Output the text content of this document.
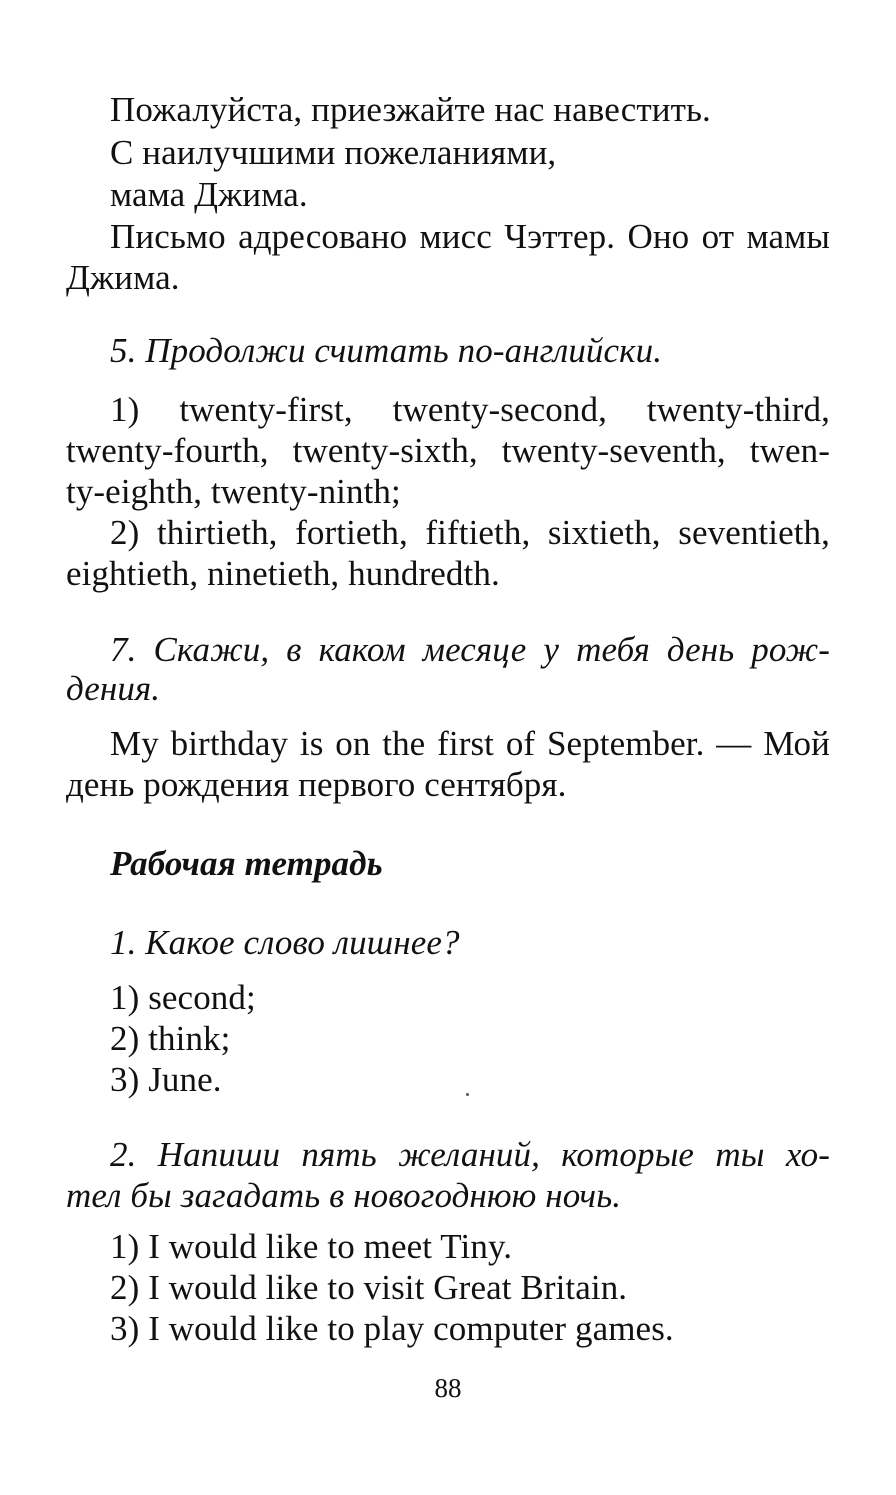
Пожалуйста, приезжайте нас навестить.
С наилучшими пожеланиями,
мама Джима.
Письмо адресовано мисс Чэттер. Оно от мамы
Джима.
5. Продолжи считать по-английски.
1) twenty-first, twenty-second, twenty-third,
twenty-fourth, twenty-sixth, twenty-seventh, twen-
ty-eighth, twenty-ninth;
2) thirtieth, fortieth, fiftieth, sixtieth, seventieth,
eightieth, ninetieth, hundredth.
7. Скажи, в каком месяце у тебя день рож-
дения.
My birthday is on the first of September. — Мой
день рождения первого сентября.
Рабочая тетрадь
1. Какое слово лишнее?
1) second;
2) think;
3) June.
2. Напиши пять желаний, которые ты хо-
тел бы загадать в новогоднюю ночь.
1) I would like to meet Tiny.
2) I would like to visit Great Britain.
3) I would like to play computer games.
88
